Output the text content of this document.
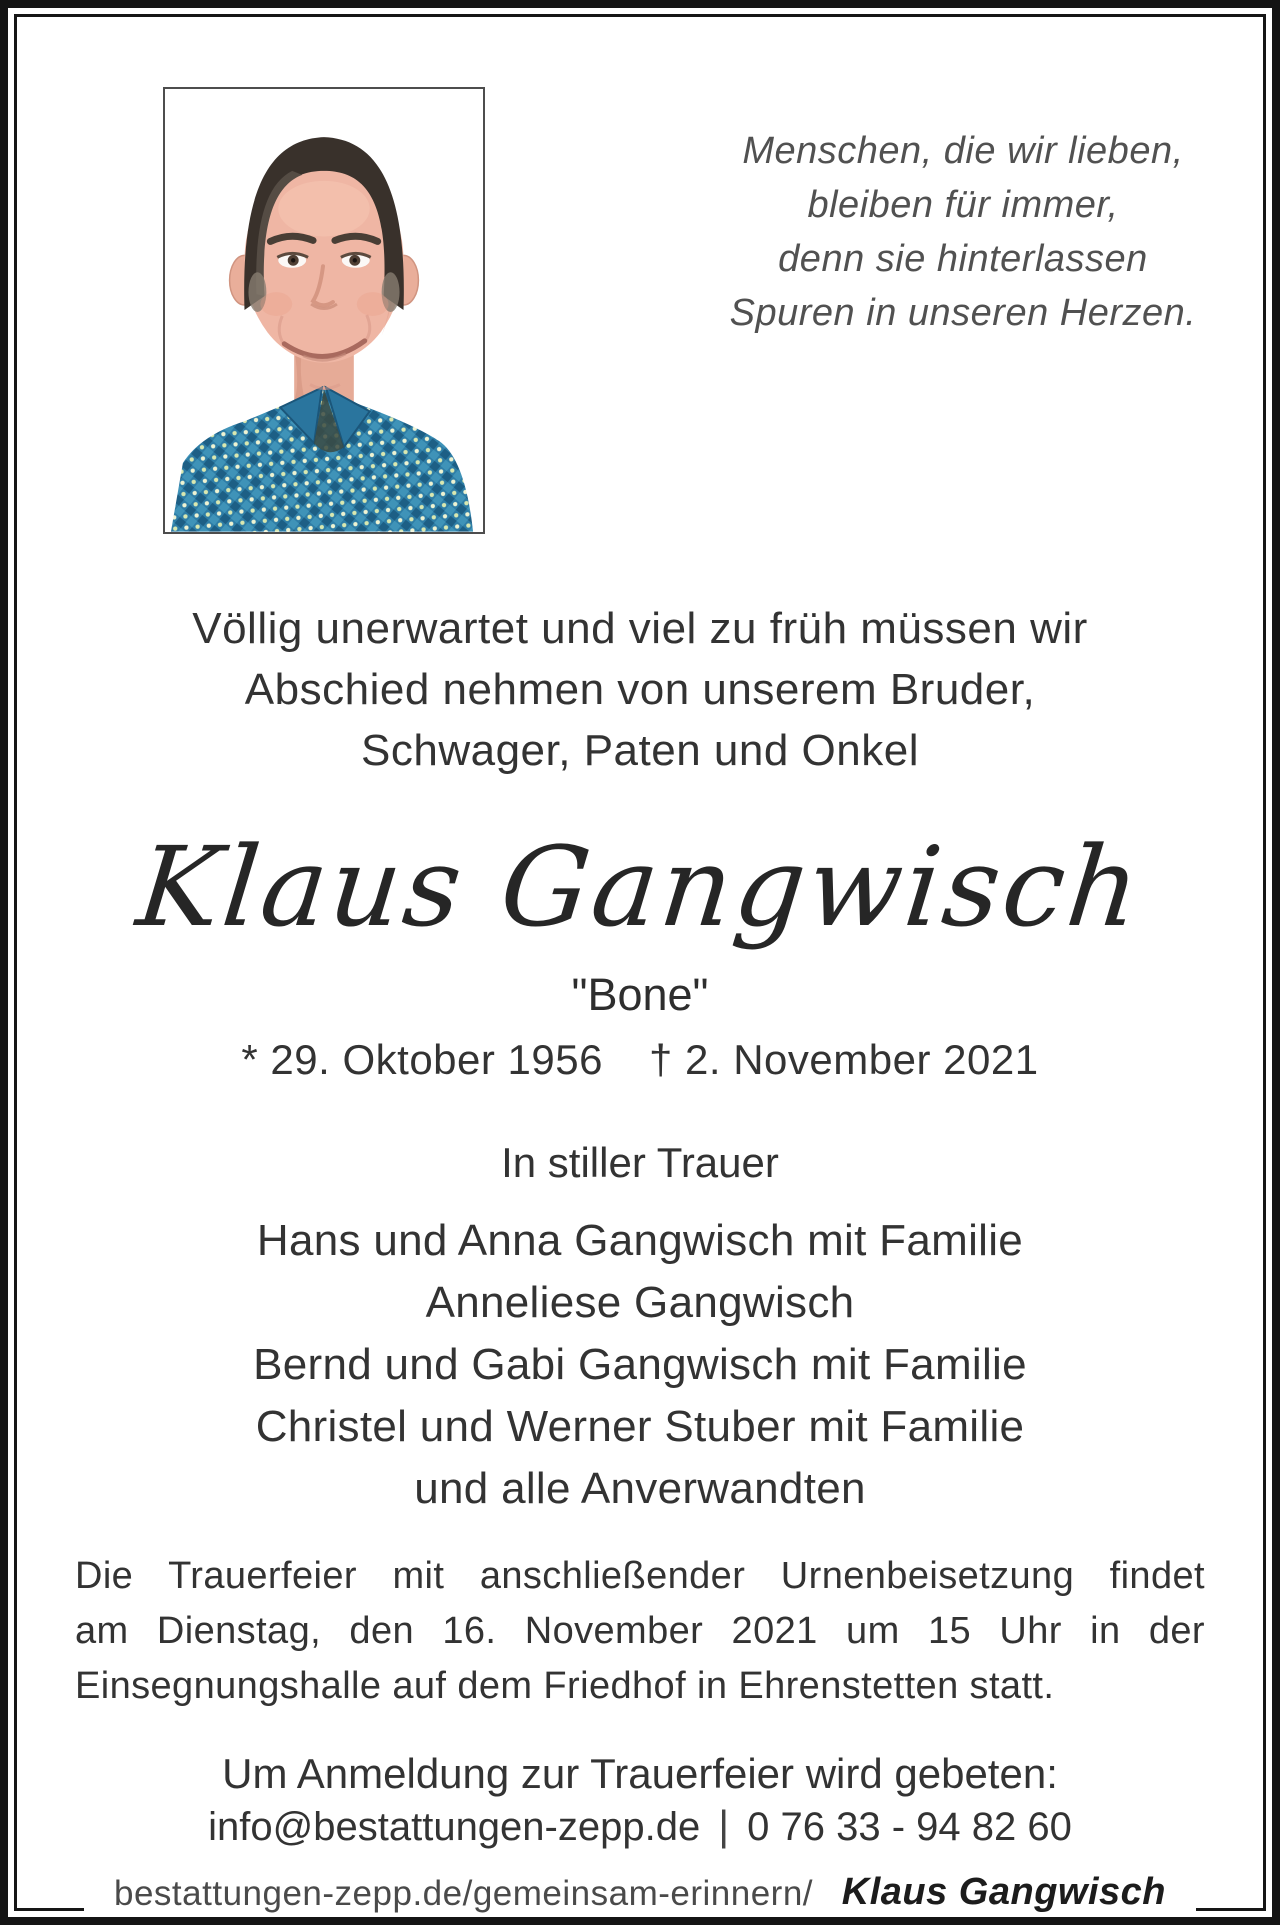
Menschen, die wir lieben,
bleiben für immer,
denn sie hinterlassen
Spuren in unseren Herzen.
Völlig unerwartet und viel zu früh müssen wir
Abschied nehmen von unserem Bruder,
Schwager, Paten und Onkel
Klaus Gangwisch
"Bone"
* 29. Oktober 1956 † 2. November 2021
In stiller Trauer
Hans und Anna Gangwisch mit Familie
Anneliese Gangwisch
Bernd und Gabi Gangwisch mit Familie
Christel und Werner Stuber mit Familie
und alle Anverwandten
Die Trauerfeier mit anschließender Urnenbeisetzung findet
am Dienstag, den 16. November 2021 um 15 Uhr in der
Einsegnungshalle auf dem Friedhof in Ehrenstetten statt.
Um Anmeldung zur Trauerfeier wird gebeten:
info@bestattungen-zepp.de | 0 76 33 - 94 82 60
bestattungen-zepp.de/gemeinsam-erinnern/ Klaus Gangwisch
